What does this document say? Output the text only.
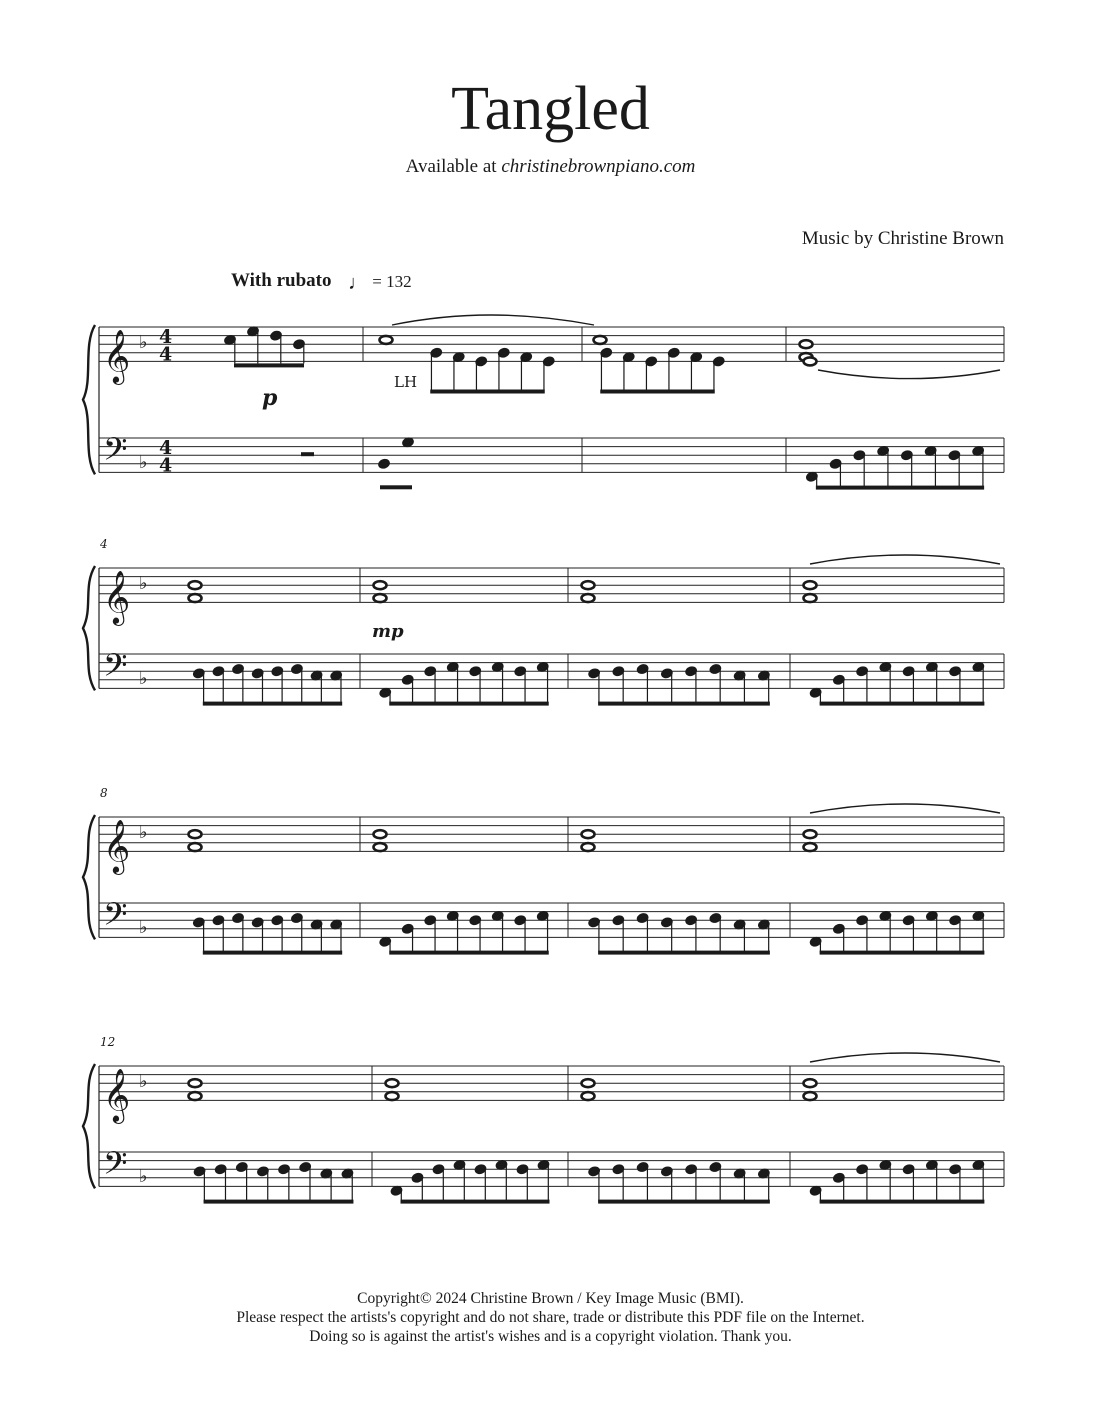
Tangled
Available at christinebrownpiano.com
Music by Christine Brown
With rubato ♩ = 132
𝄞
𝄢
♭
♭
4
4
4
4
𝄞
𝄢
♭
♭
4
𝄞
𝄢
♭
♭
8
𝄞
𝄢
♭
♭
12
p
LH
mp
Copyright© 2024 Christine Brown / Key Image Music (BMI).
Please respect the artists's copyright and do not share, trade or distribute this PDF file on the Internet.
Doing so is against the artist's wishes and is a copyright violation. Thank you.
